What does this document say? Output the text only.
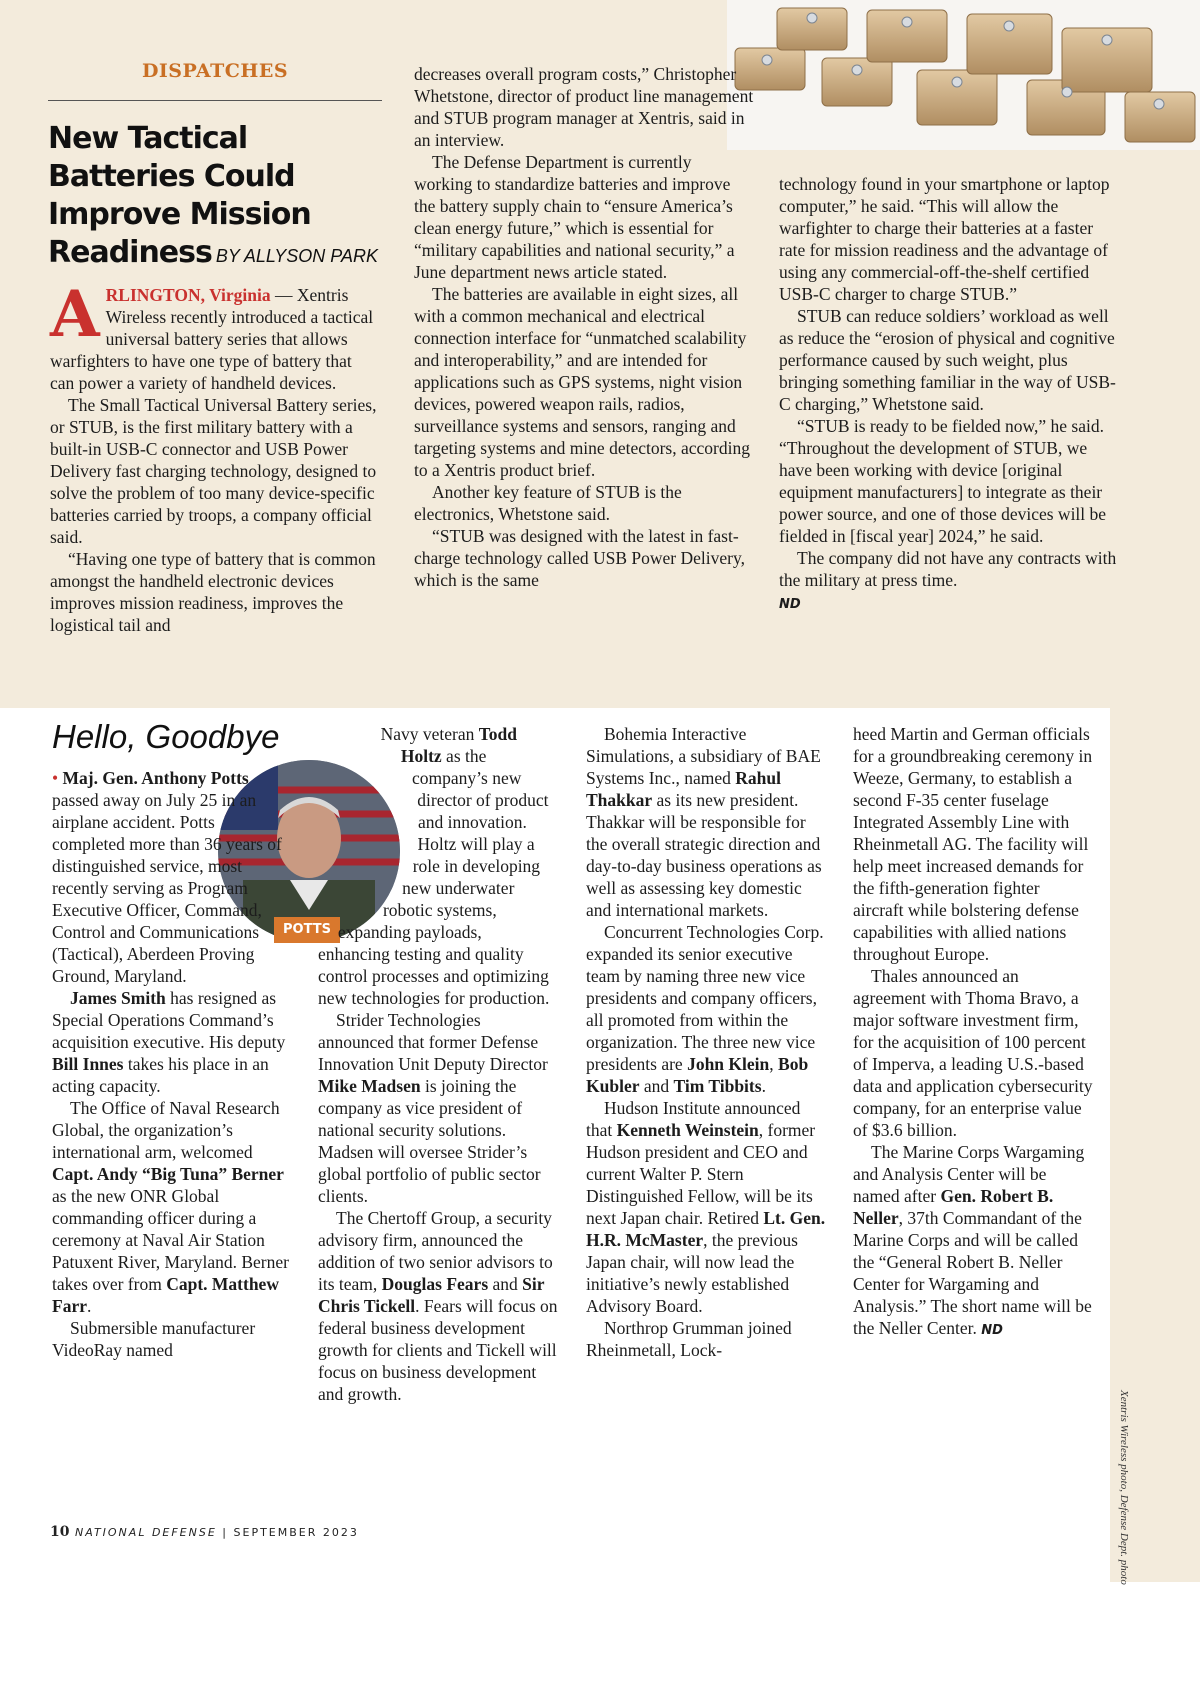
DISPATCHES
New Tactical Batteries Could Improve Mission Readiness BY ALLYSON PARK

ARLINGTON, Virginia — Xentris Wireless recently introduced a tactical universal battery series that allows warfighters to have one type of battery that can power a variety of handheld devices.

The Small Tactical Universal Battery series, or STUB, is the first military battery with a built-in USB-C connector and USB Power Delivery fast charging technology, designed to solve the problem of too many device-specific batteries carried by troops, a company official said.

“Having one type of battery that is common amongst the handheld electronic devices improves mission readiness, improves the logistical tail and

decreases overall program costs,” Christopher Whetstone, director of product line management and STUB program manager at Xentris, said in an interview.

The Defense Department is currently working to standardize batteries and improve the battery supply chain to “ensure America’s clean energy future,” which is essential for “military capabilities and national security,” a June department news article stated.

The batteries are available in eight sizes, all with a common mechanical and electrical connection interface for “unmatched scalability and interoperability,” and are intended for applications such as GPS systems, night vision devices, powered weapon rails, radios, surveillance systems and sensors, ranging and targeting systems and mine detectors, according to a Xentris product brief.

Another key feature of STUB is the electronics, Whetstone said.

“STUB was designed with the latest in fast-charge technology called USB Power Delivery, which is the same

technology found in your smartphone or laptop computer,” he said. “This will allow the warfighter to charge their batteries at a faster rate for mission readiness and the advantage of using any commercial-off-the-shelf certified USB-C charger to charge STUB.”

STUB can reduce soldiers’ workload as well as reduce the “erosion of physical and cognitive performance caused by such weight, plus bringing something familiar in the way of USB-C charging,” Whetstone said.

“STUB is ready to be fielded now,” he said. “Throughout the development of STUB, we have been working with device [original equipment manufacturers] to integrate as their power source, and one of those devices will be fielded in [fiscal year] 2024,” he said.

The company did not have any contracts with the military at press time.
ND

Hello, Goodbye
POTTS

• Maj. Gen. Anthony Potts passed away on July 25 in an airplane accident. Potts completed more than 36 years of distinguished service, most recently serving as Program Executive Officer, Command, Control and Communications (Tactical), Aberdeen Proving Ground, Maryland.

James Smith has resigned as Special Operations Command’s acquisition executive. His deputy Bill Innes takes his place in an acting capacity.

The Office of Naval Research Global, the organization’s international arm, welcomed Capt. Andy “Big Tuna” Berner as the new ONR Global commanding officer during a ceremony at Naval Air Station Patuxent River, Maryland. Berner takes over from Capt. Matthew Farr.

Submersible manufacturer VideoRay named

Navy veteran Todd Holtz as the company’s new director of product and innovation. Holtz will play a role in developing new underwater robotic systems, expanding payloads, enhancing testing and quality control processes and optimizing new technologies for production.

Strider Technologies announced that former Defense Innovation Unit Deputy Director Mike Madsen is joining the company as vice president of national security solutions. Madsen will oversee Strider’s global portfolio of public sector clients.

The Chertoff Group, a security advisory firm, announced the addition of two senior advisors to its team, Douglas Fears and Sir Chris Tickell. Fears will focus on federal business development growth for clients and Tickell will focus on business development and growth.

Bohemia Interactive Simulations, a subsidiary of BAE Systems Inc., named Rahul Thakkar as its new president. Thakkar will be responsible for the overall strategic direction and day-to-day business operations as well as assessing key domestic and international markets.

Concurrent Technologies Corp. expanded its senior executive team by naming three new vice presidents and company officers, all promoted from within the organization. The three new vice presidents are John Klein, Bob Kubler and Tim Tibbits.

Hudson Institute announced that Kenneth Weinstein, former Hudson president and CEO and current Walter P. Stern Distinguished Fellow, will be its next Japan chair. Retired Lt. Gen. H.R. McMaster, the previous Japan chair, will now lead the initiative’s newly established Advisory Board.

Northrop Grumman joined Rheinmetall, Lock-

heed Martin and German officials for a groundbreaking ceremony in Weeze, Germany, to establish a second F-35 center fuselage Integrated Assembly Line with Rheinmetall AG. The facility will help meet increased demands for the fifth-generation fighter aircraft while bolstering defense capabilities with allied nations throughout Europe.

Thales announced an agreement with Thoma Bravo, a major software investment firm, for the acquisition of 100 percent of Imperva, a leading U.S.-based data and application cybersecurity company, for an enterprise value of $3.6 billion.

The Marine Corps Wargaming and Analysis Center will be named after Gen. Robert B. Neller, 37th Commandant of the Marine Corps and will be called the “General Robert B. Neller Center for Wargaming and Analysis.” The short name will be the Neller Center. ND

Xentris Wireless photo, Defense Dept. photo
10 NATIONAL DEFENSE | SEPTEMBER 2023
